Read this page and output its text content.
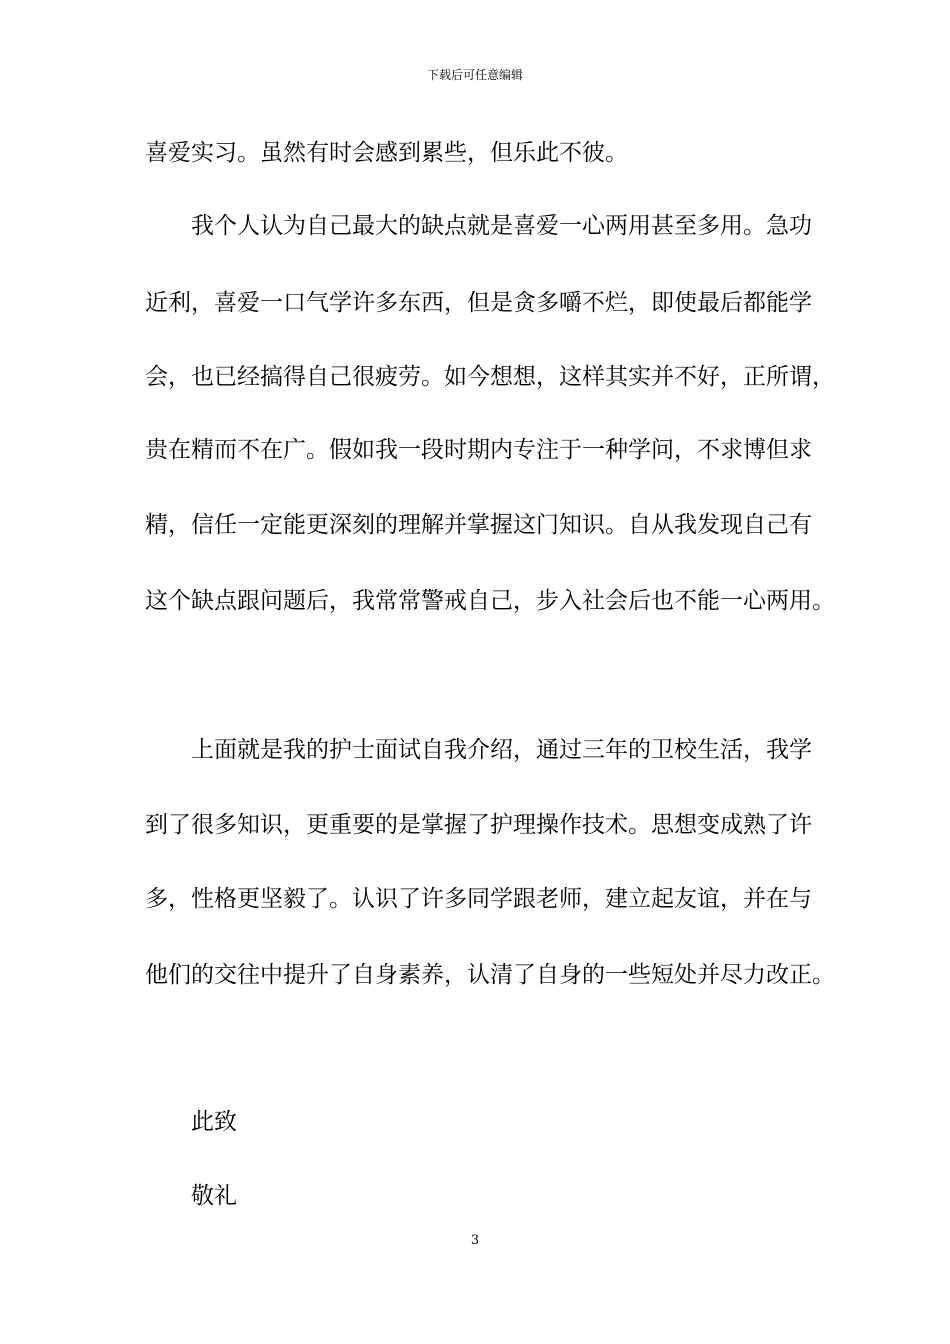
下载后可任意编辑
喜爱实习。虽然有时会感到累些，但乐此不彼。
我个人认为自己最大的缺点就是喜爱一心两用甚至多用。急功
近利，喜爱一口气学许多东西，但是贪多嚼不烂，即使最后都能学
会，也已经搞得自己很疲劳。如今想想，这样其实并不好，正所谓，
贵在精而不在广。假如我一段时期内专注于一种学问，不求博但求
精，信任一定能更深刻的理解并掌握这门知识。自从我发现自己有
这个缺点跟问题后，我常常警戒自己，步入社会后也不能一心两用。
上面就是我的护士面试自我介绍，通过三年的卫校生活，我学
到了很多知识，更重要的是掌握了护理操作技术。思想变成熟了许
多，性格更坚毅了。认识了许多同学跟老师，建立起友谊，并在与
他们的交往中提升了自身素养，认清了自身的一些短处并尽力改正。
此致
敬礼
3
